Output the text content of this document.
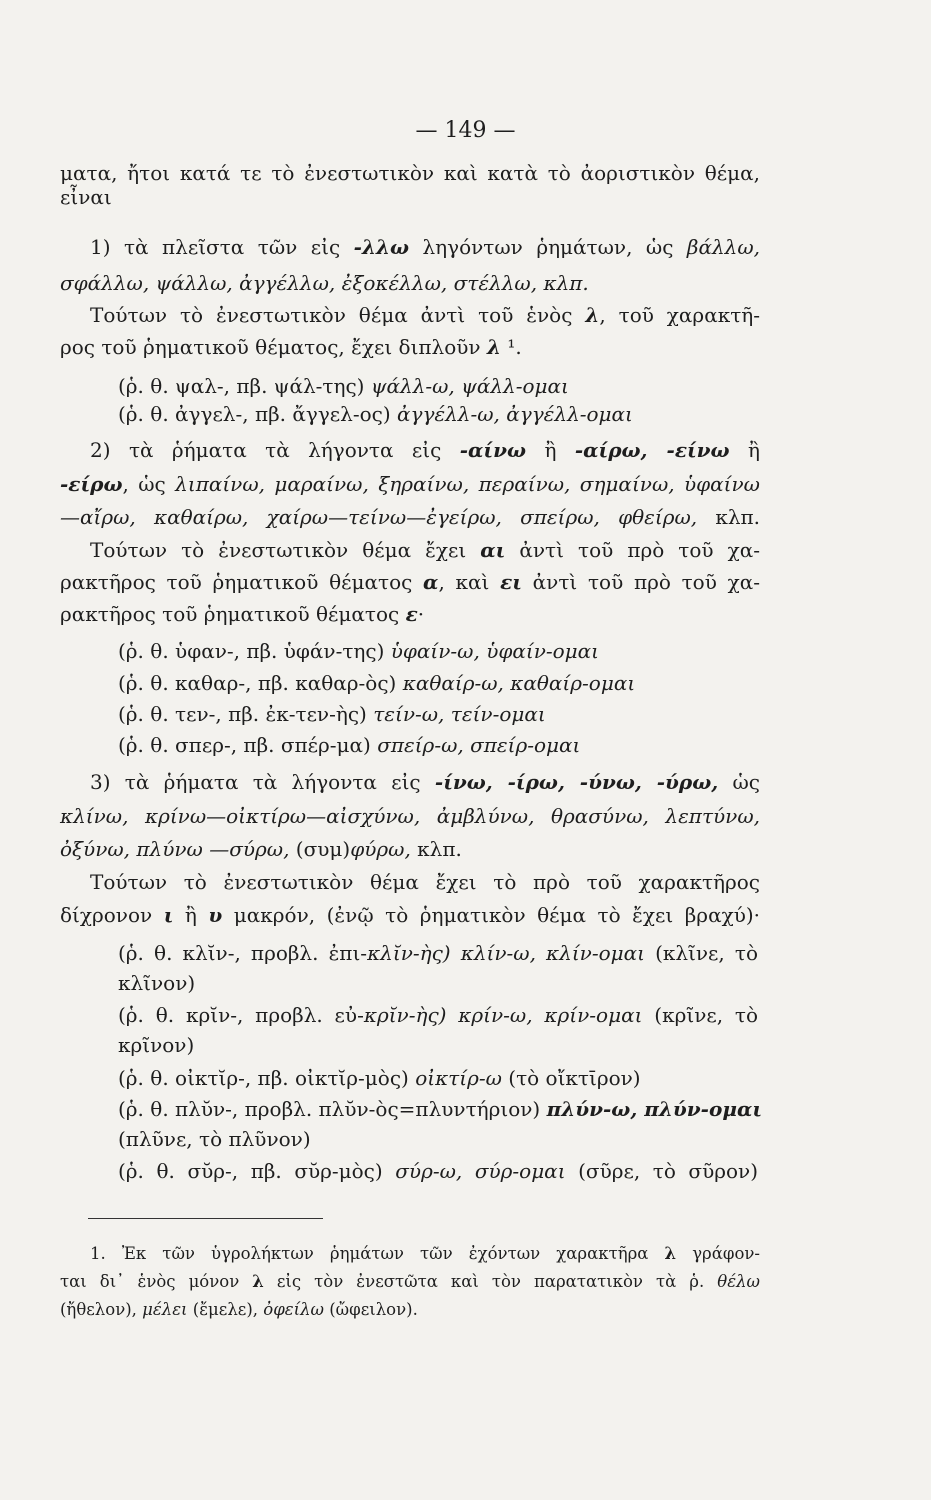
— 149 —
ματα, ἤτοι κατά τε τὸ ἐνεστωτικὸν καὶ κατὰ τὸ ἀοριστικὸν θέμα,
εἶναι
1) τὰ πλεῖστα τῶν εἰς -λλω ληγόντων ῥημάτων, ὡς βάλλω,
σφάλλω, ψάλλω, ἀγγέλλω, ἐξοκέλλω, στέλλω, κλπ.
Τούτων τὸ ἐνεστωτικὸν θέμα ἀντὶ τοῦ ἑνὸς λ, τοῦ χαρακτῆ-
ρος τοῦ ῥηματικοῦ θέματος, ἔχει διπλοῦν λ ¹.
(ῥ. θ. ψαλ-, πβ. ψάλ-της) ψάλλ-ω, ψάλλ-ομαι
(ῥ. θ. ἀγγελ-, πβ. ἄγγελ-ος) ἀγγέλλ-ω, ἀγγέλλ-ομαι
2) τὰ ῥήματα τὰ λήγοντα εἰς -αίνω ἢ -αίρω, -είνω ἢ
-είρω, ὡς λιπαίνω, μαραίνω, ξηραίνω, περαίνω, σημαίνω, ὑφαίνω
—αἴρω, καθαίρω, χαίρω—τείνω—ἐγείρω, σπείρω, φθείρω, κλπ.
Τούτων τὸ ἐνεστωτικὸν θέμα ἔχει αι ἀντὶ τοῦ πρὸ τοῦ χα-
ρακτῆρος τοῦ ῥηματικοῦ θέματος α, καὶ ει ἀντὶ τοῦ πρὸ τοῦ χα-
ρακτῆρος τοῦ ῥηματικοῦ θέματος ε·
(ῥ. θ. ὑφαν-, πβ. ὑφάν-της) ὑφαίν-ω, ὑφαίν-ομαι
(ῥ. θ. καθαρ-, πβ. καθαρ-ὸς) καθαίρ-ω, καθαίρ-ομαι
(ῥ. θ. τεν-, πβ. ἐκ-τεν-ὴς) τείν-ω, τείν-ομαι
(ῥ. θ. σπερ-, πβ. σπέρ-μα) σπείρ-ω, σπείρ-ομαι
3) τὰ ῥήματα τὰ λήγοντα εἰς -ίνω, -ίρω, -ύνω, -ύρω, ὡς
κλίνω, κρίνω—οἰκτίρω—αἰσχύνω, ἀμβλύνω, θρασύνω, λεπτύνω,
ὀξύνω, πλύνω —σύρω, (συμ)φύρω, κλπ.
Τούτων τὸ ἐνεστωτικὸν θέμα ἔχει τὸ πρὸ τοῦ χαρακτῆρος
δίχρονον ι ἢ υ μακρόν, (ἐνῷ τὸ ῥηματικὸν θέμα τὸ ἔχει βραχύ)·
(ῥ. θ. κλῐν-, προβλ. ἐπι-κλῐν-ὴς) κλίν-ω, κλίν-ομαι (κλῖνε, τὸ
κλῖνον)
(ῥ. θ. κρῐν-, προβλ. εὐ-κρῐν-ὴς) κρίν-ω, κρίν-ομαι (κρῖνε, τὸ
κρῖνον)
(ῥ. θ. οἰκτῐρ-, πβ. οἰκτῐρ-μὸς) οἰκτίρ-ω (τὸ οἴκτῑρον)
(ῥ. θ. πλῠν-, προβλ. πλῠν-ὸς=πλυντήριον) πλύν-ω, πλύν-ομαι
(πλῦνε, τὸ πλῦνον)
(ῥ. θ. σῠρ-, πβ. σῠρ-μὸς) σύρ-ω, σύρ-ομαι (σῦρε, τὸ σῦρον)
1. Ἐκ τῶν ὑγρολήκτων ῥημάτων τῶν ἐχόντων χαρακτῆρα λ γράφον-
ται δι᾽ ἑνὸς μόνον λ εἰς τὸν ἐνεστῶτα καὶ τὸν παρατατικὸν τὰ ῥ. θέλω
(ἤθελον), μέλει (ἔμελε), ὀφείλω (ὤφειλον).
